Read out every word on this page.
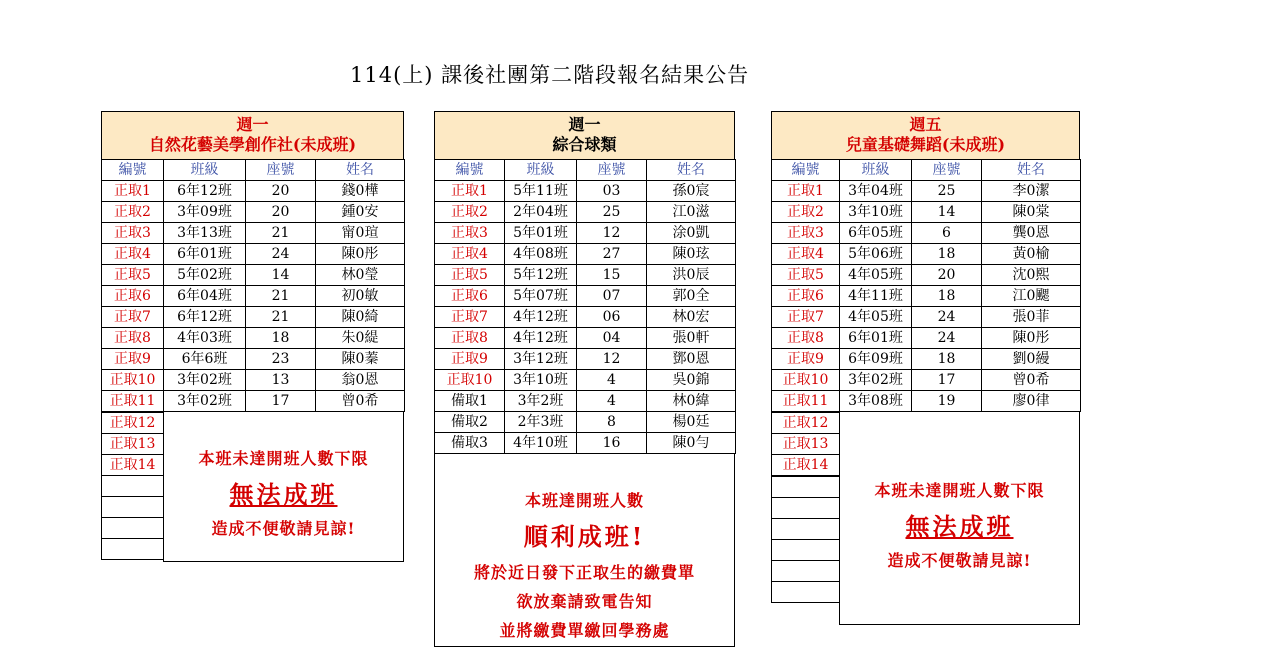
114(上) 課後社團第二階段報名結果公告
週一
自然花藝美學創作社(未成班)
編號	班級	座號	姓名
正取1	6年12班	20	錢0樺
正取2	3年09班	20	鍾0安
正取3	3年13班	21	甯0瑄
正取4	6年01班	24	陳0彤
正取5	5年02班	14	林0瑩
正取6	6年04班	21	初0敏
正取7	6年12班	21	陳0綺
正取8	4年03班	18	朱0緹
正取9	6年6班	23	陳0蓁
正取10	3年02班	13	翁0恩
正取11	3年02班	17	曾0希
正取12
正取13
正取14	本班未達開班人數下限
無法成班
造成不便敬請見諒!
週一
綜合球類
編號	班級	座號	姓名
正取1	5年11班	03	孫0宸
正取2	2年04班	25	江0滋
正取3	5年01班	12	涂0凱
正取4	4年08班	27	陳0玹
正取5	5年12班	15	洪0辰
正取6	5年07班	07	郭0全
正取7	4年12班	06	林0宏
正取8	4年12班	04	張0軒
正取9	3年12班	12	鄧0恩
正取10	3年10班	4	吳0錦
備取1	3年2班	4	林0緯
備取2	2年3班	8	楊0廷
備取3	4年10班	16	陳0勻
本班達開班人數
順利成班!
將於近日發下正取生的繳費單
欲放棄請致電告知
並將繳費單繳回學務處
週五
兒童基礎舞蹈(未成班)
編號	班級	座號	姓名
正取1	3年04班	25	李0潔
正取2	3年10班	14	陳0棠
正取3	6年05班	6	龔0恩
正取4	5年06班	18	黃0榆
正取5	4年05班	20	沈0熙
正取6	4年11班	18	江0颸
正取7	4年05班	24	張0菲
正取8	6年01班	24	陳0彤
正取9	6年09班	18	劉0縵
正取10	3年02班	17	曾0希
正取11	3年08班	19	廖0律
正取12
正取13
正取14

本班未達開班人數下限
無法成班
造成不便敬請見諒!
